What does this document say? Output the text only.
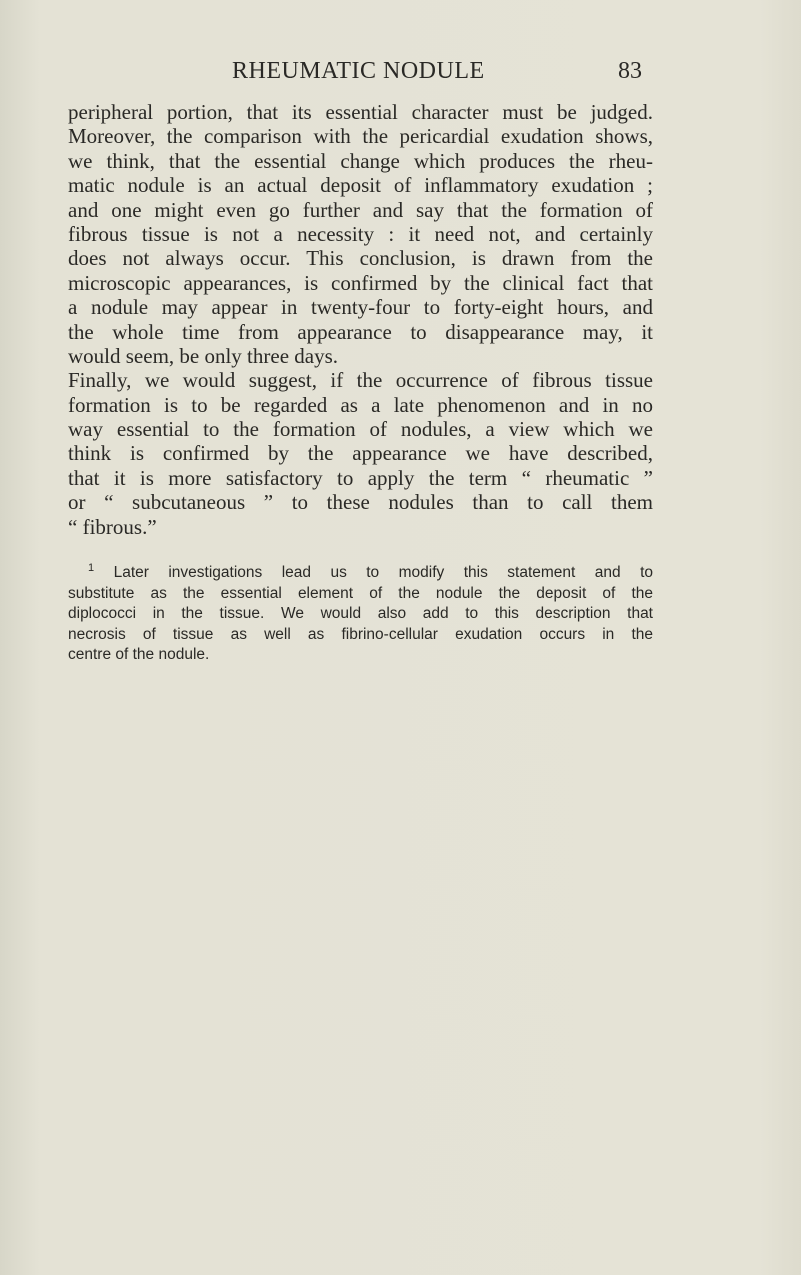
RHEUMATIC NODULE	83
peripheral portion, that its essential character must be judged.
Moreover, the comparison with the pericardial exudation shows,
we think, that the essential change which produces the rheu-
matic nodule is an actual deposit of inflammatory exudation ;
and one might even go further and say that the formation of
fibrous tissue is not a necessity : it need not, and certainly
does not always occur. This conclusion, is drawn from the
microscopic appearances, is confirmed by the clinical fact that
a nodule may appear in twenty-four to forty-eight hours, and
the whole time from appearance to disappearance may, it
would seem, be only three days.
Finally, we would suggest, if the occurrence of fibrous tissue
formation is to be regarded as a late phenomenon and in no
way essential to the formation of nodules, a view which we
think is confirmed by the appearance we have described,
that it is more satisfactory to apply the term “ rheumatic ”
or “ subcutaneous ” to these nodules than to call them
“ fibrous.”
$^1$ Later investigations lead us to modify this statement and to
substitute as the essential element of the nodule the deposit of the
diplococci in the tissue. We would also add to this description that
necrosis of tissue as well as fibrino-cellular exudation occurs in the
centre of the nodule.
